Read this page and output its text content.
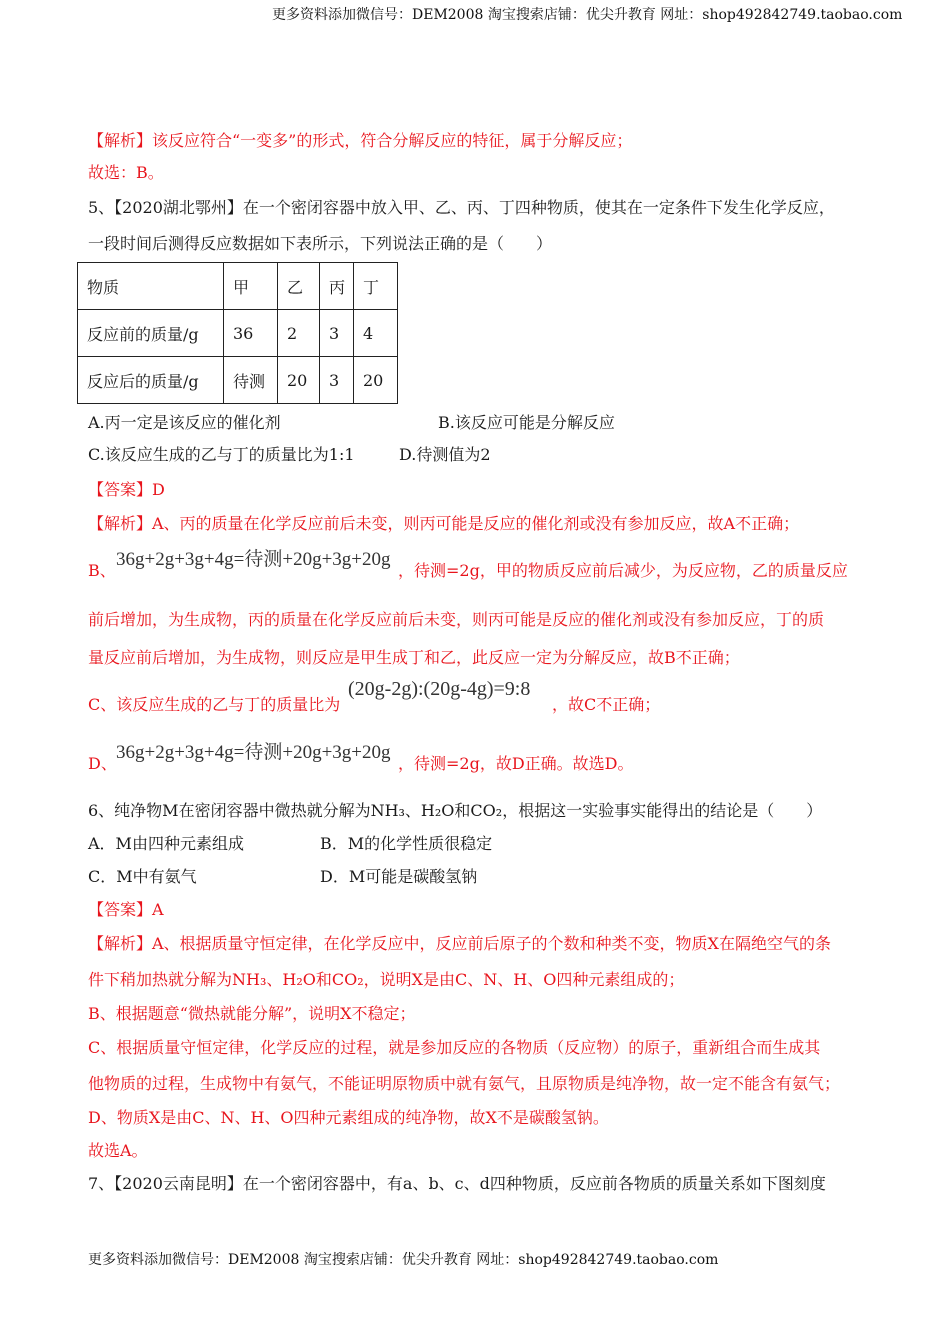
更多资料添加微信号：DEM2008 淘宝搜索店铺：优尖升教育 网址：shop492842749.taobao.com
【解析】该反应符合“一变多”的形式，符合分解反应的特征，属于分解反应；
故选：B。
5、【2020湖北鄂州】在一个密闭容器中放入甲、乙、丙、丁四种物质，使其在一定条件下发生化学反应，
一段时间后测得反应数据如下表所示，下列说法正确的是（　　）
物质	甲	乙	丙	丁
反应前的质量/g	36	2	3	4
反应后的质量/g	待测	20	3	20
A.丙一定是该反应的催化剂	B.该反应可能是分解反应
C.该反应生成的乙与丁的质量比为1:1	D.待测值为2
【答案】D
【解析】A、丙的质量在化学反应前后未变，则丙可能是反应的催化剂或没有参加反应，故A不正确；
B、
36g+2g+3g+4g=待测+20g+3g+20g
，待测=2g，甲的物质反应前后减少，为反应物，乙的质量反应
前后增加，为生成物，丙的质量在化学反应前后未变，则丙可能是反应的催化剂或没有参加反应，丁的质
量反应前后增加，为生成物，则反应是甲生成丁和乙，此反应一定为分解反应，故B不正确；
C、该反应生成的乙与丁的质量比为
(20g-2g):(20g-4g)=9:8
，故C不正确；
D、
36g+2g+3g+4g=待测+20g+3g+20g
，待测=2g，故D正确。故选D。
6、纯净物M在密闭容器中微热就分解为NH₃、H₂O和CO₂，根据这一实验事实能得出的结论是（　　）
A．M由四种元素组成	B．M的化学性质很稳定
C．M中有氨气	D．M可能是碳酸氢钠
【答案】A
【解析】A、根据质量守恒定律，在化学反应中，反应前后原子的个数和种类不变，物质X在隔绝空气的条
件下稍加热就分解为NH₃、H₂O和CO₂，说明X是由C、N、H、O四种元素组成的；
B、根据题意“微热就能分解”，说明X不稳定；
C、根据质量守恒定律，化学反应的过程，就是参加反应的各物质（反应物）的原子，重新组合而生成其
他物质的过程，生成物中有氨气，不能证明原物质中就有氨气，且原物质是纯净物，故一定不能含有氨气；
D、物质X是由C、N、H、O四种元素组成的纯净物，故X不是碳酸氢钠。
故选A。
7、【2020云南昆明】在一个密闭容器中，有a、b、c、d四种物质，反应前各物质的质量关系如下图刻度
更多资料添加微信号：DEM2008 淘宝搜索店铺：优尖升教育 网址：shop492842749.taobao.com
